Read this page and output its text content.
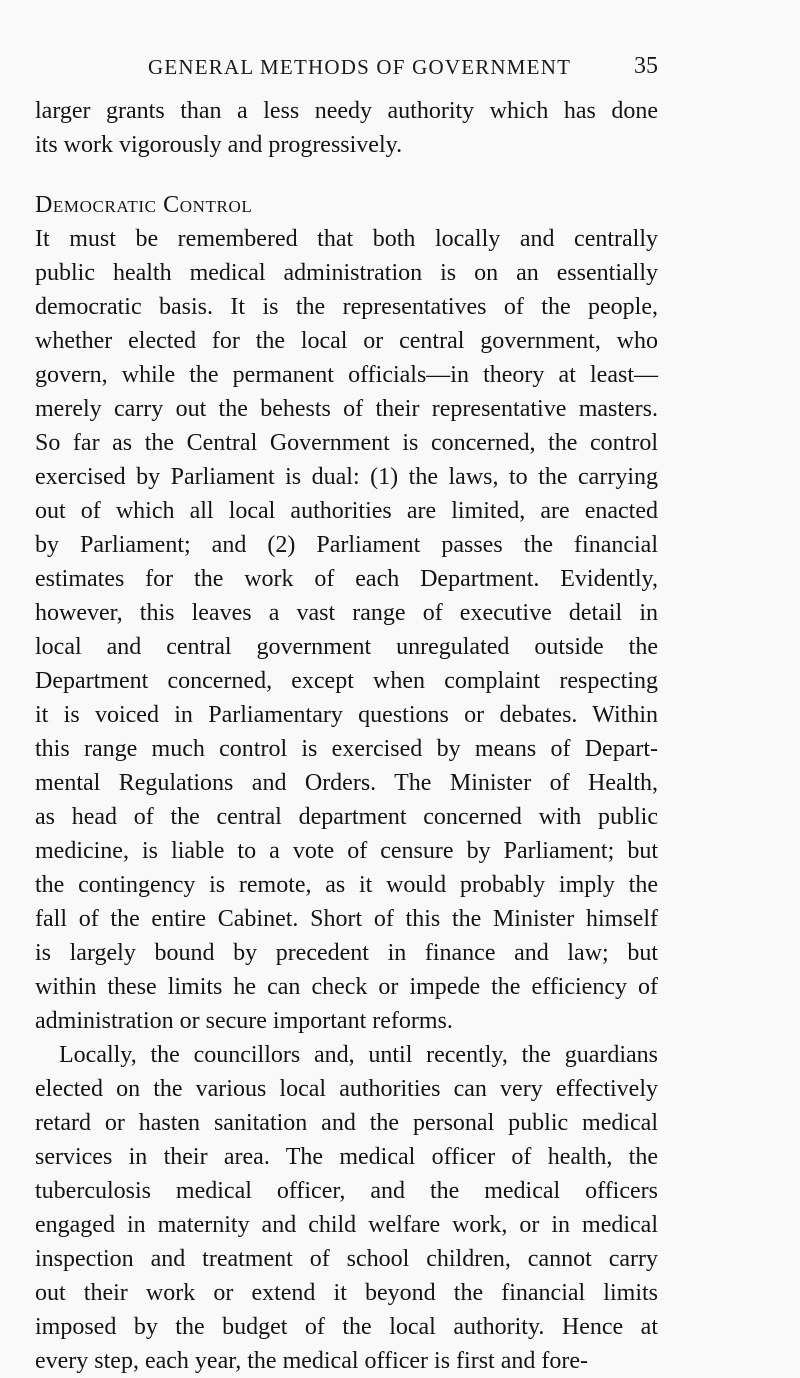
GENERAL METHODS OF GOVERNMENT	35
larger grants than a less needy authority which has done
its work vigorously and progressively.
Democratic Control
It must be remembered that both locally and centrally
public health medical administration is on an essentially
democratic basis. It is the representatives of the people,
whether elected for the local or central government, who
govern, while the permanent officials—in theory at least—
merely carry out the behests of their representative masters.
So far as the Central Government is concerned, the control
exercised by Parliament is dual: (1) the laws, to the carrying
out of which all local authorities are limited, are enacted
by Parliament; and (2) Parliament passes the financial
estimates for the work of each Department. Evidently,
however, this leaves a vast range of executive detail in
local and central government unregulated outside the
Department concerned, except when complaint respecting
it is voiced in Parliamentary questions or debates. Within
this range much control is exercised by means of Depart-
mental Regulations and Orders. The Minister of Health,
as head of the central department concerned with public
medicine, is liable to a vote of censure by Parliament; but
the contingency is remote, as it would probably imply the
fall of the entire Cabinet. Short of this the Minister himself
is largely bound by precedent in finance and law; but
within these limits he can check or impede the efficiency of
administration or secure important reforms.
Locally, the councillors and, until recently, the guardians
elected on the various local authorities can very effectively
retard or hasten sanitation and the personal public medical
services in their area. The medical officer of health, the
tuberculosis medical officer, and the medical officers
engaged in maternity and child welfare work, or in medical
inspection and treatment of school children, cannot carry
out their work or extend it beyond the financial limits
imposed by the budget of the local authority. Hence at
every step, each year, the medical officer is first and fore-
